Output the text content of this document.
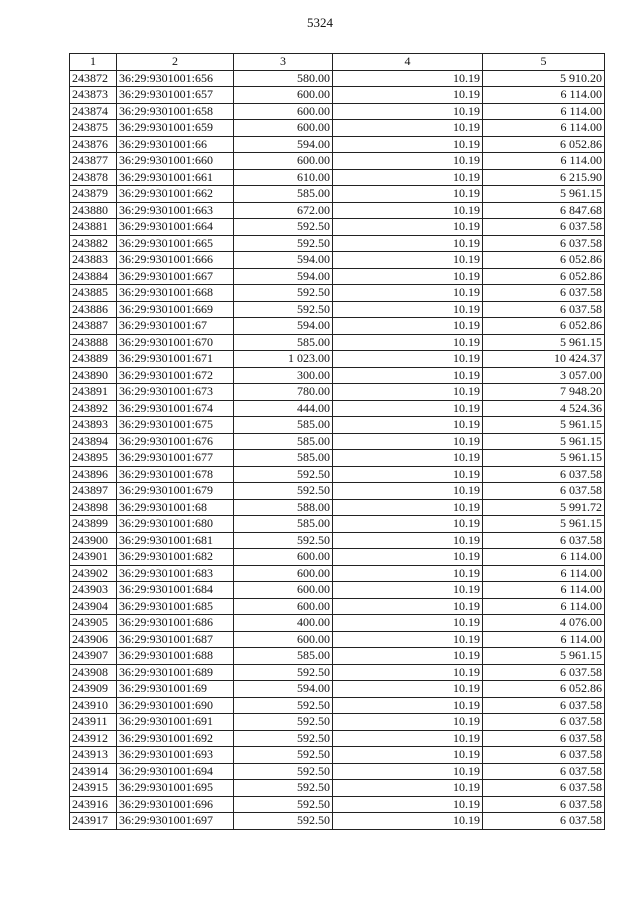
5324
1	2	3	4	5
243872	36:29:9301001:656	580.00	10.19	5 910.20
243873	36:29:9301001:657	600.00	10.19	6 114.00
243874	36:29:9301001:658	600.00	10.19	6 114.00
243875	36:29:9301001:659	600.00	10.19	6 114.00
243876	36:29:9301001:66	594.00	10.19	6 052.86
243877	36:29:9301001:660	600.00	10.19	6 114.00
243878	36:29:9301001:661	610.00	10.19	6 215.90
243879	36:29:9301001:662	585.00	10.19	5 961.15
243880	36:29:9301001:663	672.00	10.19	6 847.68
243881	36:29:9301001:664	592.50	10.19	6 037.58
243882	36:29:9301001:665	592.50	10.19	6 037.58
243883	36:29:9301001:666	594.00	10.19	6 052.86
243884	36:29:9301001:667	594.00	10.19	6 052.86
243885	36:29:9301001:668	592.50	10.19	6 037.58
243886	36:29:9301001:669	592.50	10.19	6 037.58
243887	36:29:9301001:67	594.00	10.19	6 052.86
243888	36:29:9301001:670	585.00	10.19	5 961.15
243889	36:29:9301001:671	1 023.00	10.19	10 424.37
243890	36:29:9301001:672	300.00	10.19	3 057.00
243891	36:29:9301001:673	780.00	10.19	7 948.20
243892	36:29:9301001:674	444.00	10.19	4 524.36
243893	36:29:9301001:675	585.00	10.19	5 961.15
243894	36:29:9301001:676	585.00	10.19	5 961.15
243895	36:29:9301001:677	585.00	10.19	5 961.15
243896	36:29:9301001:678	592.50	10.19	6 037.58
243897	36:29:9301001:679	592.50	10.19	6 037.58
243898	36:29:9301001:68	588.00	10.19	5 991.72
243899	36:29:9301001:680	585.00	10.19	5 961.15
243900	36:29:9301001:681	592.50	10.19	6 037.58
243901	36:29:9301001:682	600.00	10.19	6 114.00
243902	36:29:9301001:683	600.00	10.19	6 114.00
243903	36:29:9301001:684	600.00	10.19	6 114.00
243904	36:29:9301001:685	600.00	10.19	6 114.00
243905	36:29:9301001:686	400.00	10.19	4 076.00
243906	36:29:9301001:687	600.00	10.19	6 114.00
243907	36:29:9301001:688	585.00	10.19	5 961.15
243908	36:29:9301001:689	592.50	10.19	6 037.58
243909	36:29:9301001:69	594.00	10.19	6 052.86
243910	36:29:9301001:690	592.50	10.19	6 037.58
243911	36:29:9301001:691	592.50	10.19	6 037.58
243912	36:29:9301001:692	592.50	10.19	6 037.58
243913	36:29:9301001:693	592.50	10.19	6 037.58
243914	36:29:9301001:694	592.50	10.19	6 037.58
243915	36:29:9301001:695	592.50	10.19	6 037.58
243916	36:29:9301001:696	592.50	10.19	6 037.58
243917	36:29:9301001:697	592.50	10.19	6 037.58
